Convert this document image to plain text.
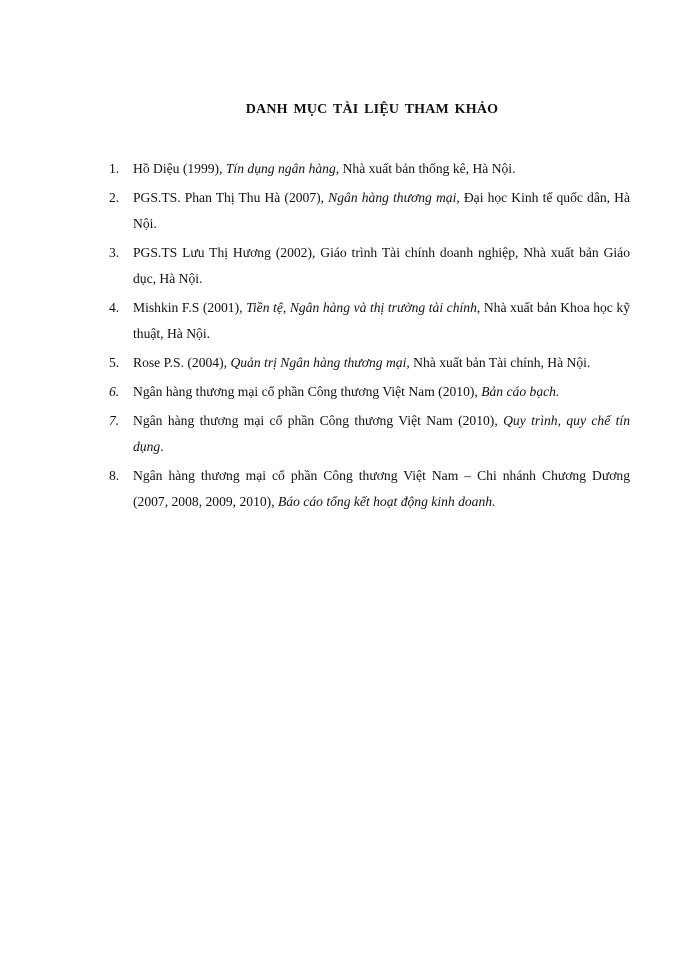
DANH MỤC TÀI LIỆU THAM KHẢO
1.	Hồ Diệu (1999), Tín dụng ngân hàng, Nhà xuất bản thống kê, Hà Nội.
2.	PGS.TS. Phan Thị Thu Hà (2007), Ngân hàng thương mại, Đại học Kinh tế quốc dân, Hà Nội.
3.	PGS.TS Lưu Thị Hương (2002), Giáo trình Tài chính doanh nghiệp, Nhà xuất bản Giáo dục, Hà Nội.
4.	Mishkin F.S (2001), Tiền tệ, Ngân hàng và thị trường tài chính, Nhà xuất bản Khoa học kỹ thuật, Hà Nội.
5.	Rose P.S. (2004), Quản trị Ngân hàng thương mại, Nhà xuất bản Tài chính, Hà Nội.
6.	Ngân hàng thương mại cổ phần Công thương Việt Nam (2010), Bản cáo bạch.
7.	Ngân hàng thương mại cổ phần Công thương Việt Nam (2010), Quy trình, quy chế tín dụng.
8.	Ngân hàng thương mại cổ phần Công thương Việt Nam – Chi nhánh Chương Dương (2007, 2008, 2009, 2010), Báo cáo tổng kết hoạt động kinh doanh.
